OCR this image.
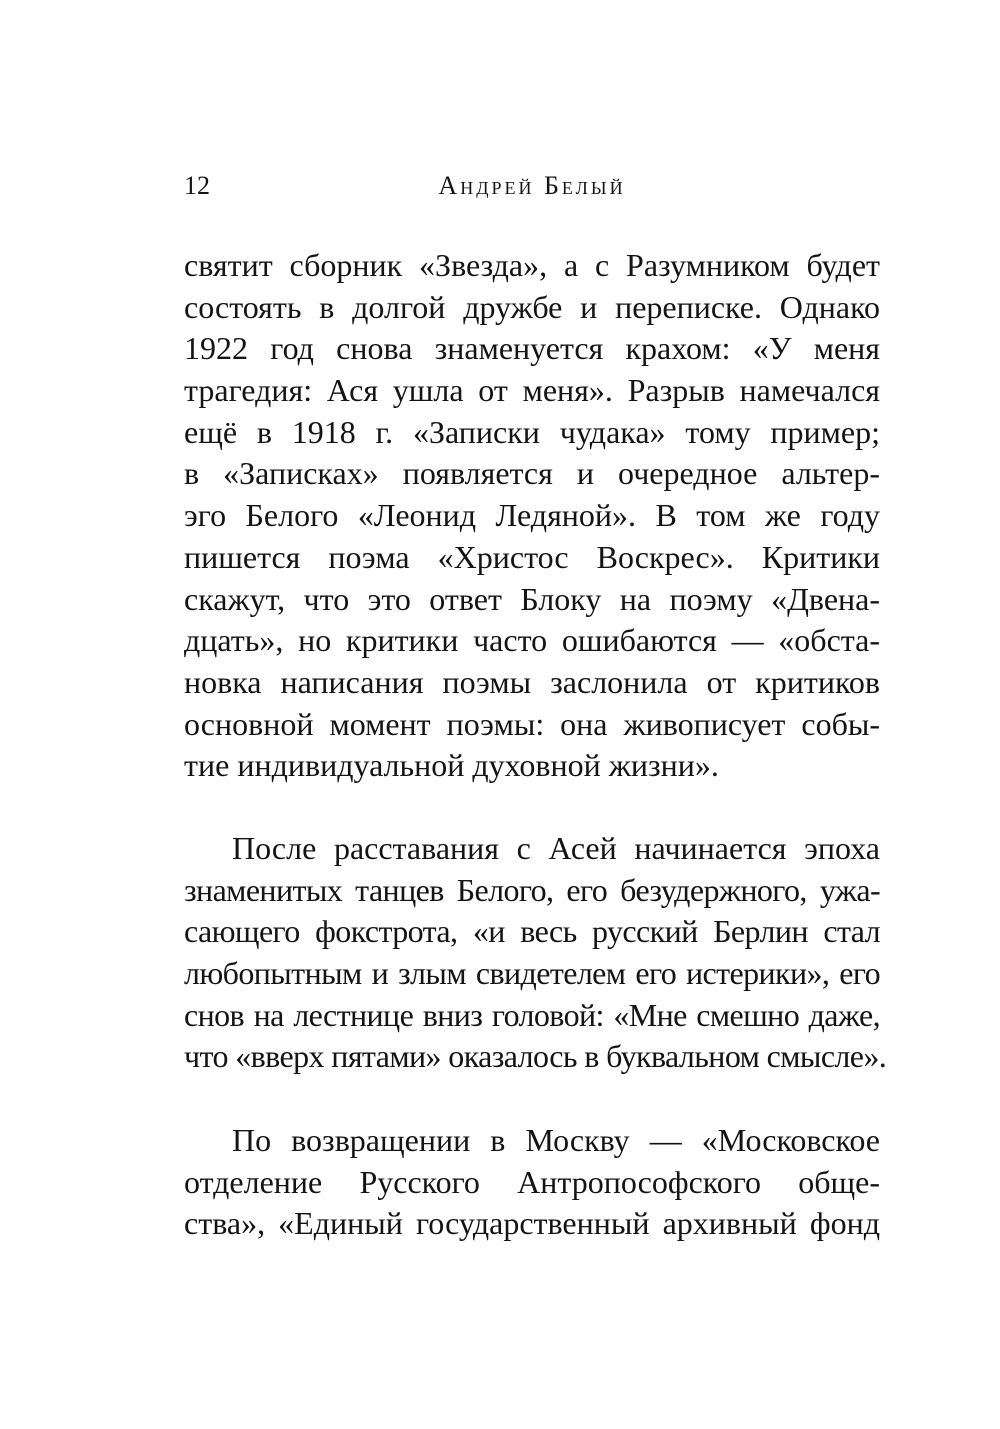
12	Андрей Белый
святит сборник «Звезда», а с Разумником будет
состоять в долгой дружбе и переписке. Однако
1922 год снова знаменуется крахом: «У меня
трагедия: Ася ушла от меня». Разрыв намечался
ещё в 1918 г. «Записки чудака» тому пример;
в «Записках» появляется и очередное альтер-
эго Белого «Леонид Ледяной». В том же году
пишется поэма «Христос Воскрес». Критики
скажут, что это ответ Блоку на поэму «Двена-
дцать», но критики часто ошибаются — «обста-
новка написания поэмы заслонила от критиков
основной момент поэмы: она живописует собы-
тие индивидуальной духовной жизни».
После расставания с Асей начинается эпоха
знаменитых танцев Белого, его безудержного, ужа-
сающего фокстрота, «и весь русский Берлин стал
любопытным и злым свидетелем его истерики», его
снов на лестнице вниз головой: «Мне смешно даже,
что «вверх пятами» оказалось в буквальном смысле».
По возвращении в Москву — «Московское
отделение Русского Антропософского обще-
ства», «Единый государственный архивный фонд
